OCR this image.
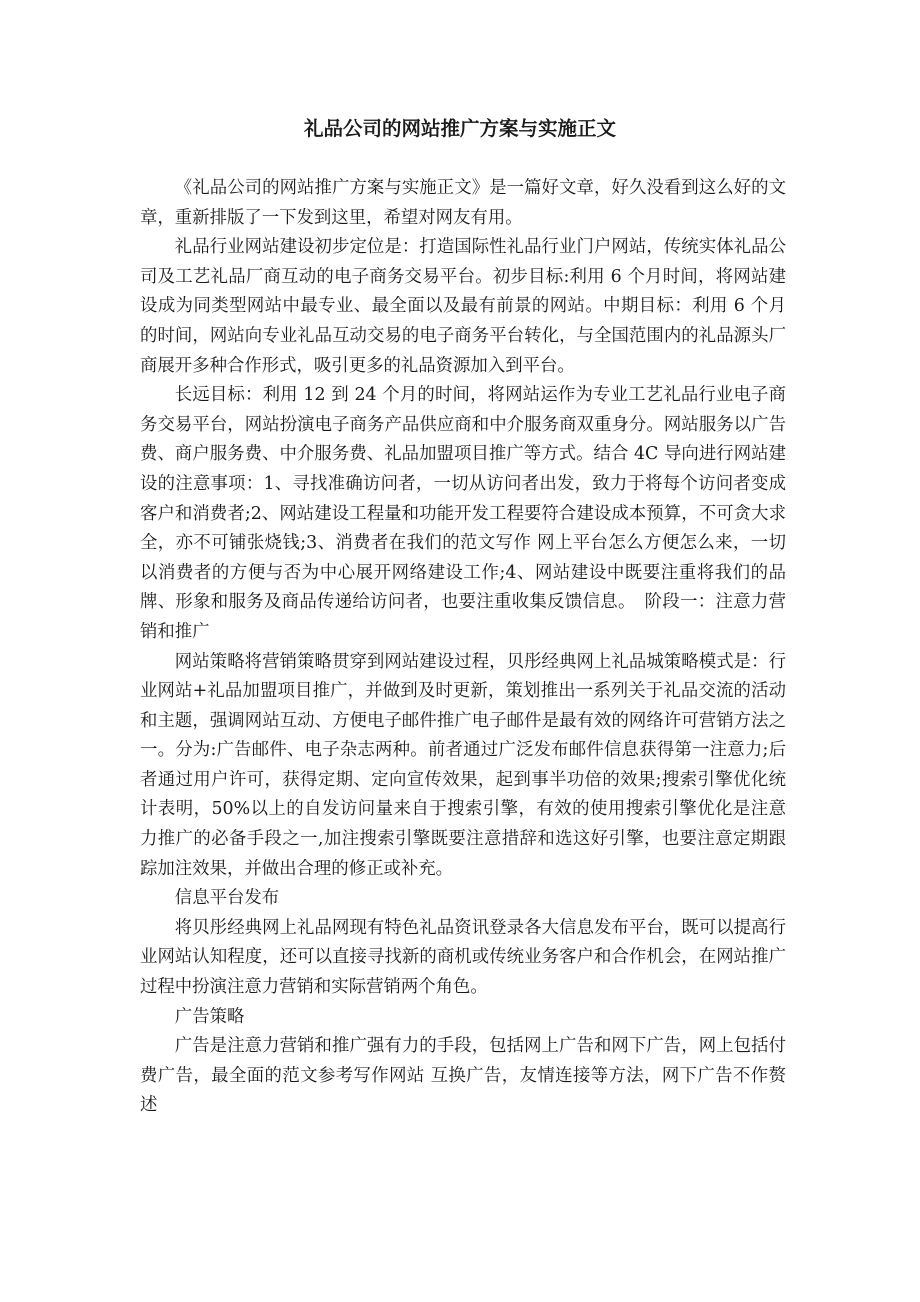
礼品公司的网站推广方案与实施正文

《礼品公司的网站推广方案与实施正文》是一篇好文章，好久没看到这么好的文章，重新排版了一下发到这里，希望对网友有用。

礼品行业网站建设初步定位是：打造国际性礼品行业门户网站，传统实体礼品公司及工艺礼品厂商互动的电子商务交易平台。初步目标:利用 6 个月时间，将网站建设成为同类型网站中最专业、最全面以及最有前景的网站。中期目标：利用 6 个月的时间，网站向专业礼品互动交易的电子商务平台转化，与全国范围内的礼品源头厂商展开多种合作形式，吸引更多的礼品资源加入到平台。

长远目标：利用 12 到 24 个月的时间，将网站运作为专业工艺礼品行业电子商务交易平台，网站扮演电子商务产品供应商和中介服务商双重身分。网站服务以广告费、商户服务费、中介服务费、礼品加盟项目推广等方式。结合 4C 导向进行网站建设的注意事项：1、寻找准确访问者，一切从访问者出发，致力于将每个访问者变成客户和消费者;2、网站建设工程量和功能开发工程要符合建设成本预算，不可贪大求全，亦不可铺张烧钱;3、消费者在我们的范文写作 网上平台怎么方便怎么来，一切以消费者的方便与否为中心展开网络建设工作;4、网站建设中既要注重将我们的品牌、形象和服务及商品传递给访问者，也要注重收集反馈信息。　阶段一：注意力营销和推广

网站策略将营销策略贯穿到网站建设过程，贝彤经典网上礼品城策略模式是：行业网站+礼品加盟项目推广，并做到及时更新，策划推出一系列关于礼品交流的活动和主题，强调网站互动、方便电子邮件推广电子邮件是最有效的网络许可营销方法之一。分为:广告邮件、电子杂志两种。前者通过广泛发布邮件信息获得第一注意力;后者通过用户许可，获得定期、定向宣传效果，起到事半功倍的效果;搜索引擎优化统计表明，50%以上的自发访问量来自于搜索引擎，有效的使用搜索引擎优化是注意力推广的必备手段之一,加注搜索引擎既要注意措辞和选这好引擎，也要注意定期跟踪加注效果，并做出合理的修正或补充。

信息平台发布

将贝彤经典网上礼品网现有特色礼品资讯登录各大信息发布平台，既可以提高行业网站认知程度，还可以直接寻找新的商机或传统业务客户和合作机会，在网站推广过程中扮演注意力营销和实际营销两个角色。

广告策略

广告是注意力营销和推广强有力的手段，包括网上广告和网下广告，网上包括付费广告，最全面的范文参考写作网站 互换广告，友情连接等方法，网下广告不作赘述
